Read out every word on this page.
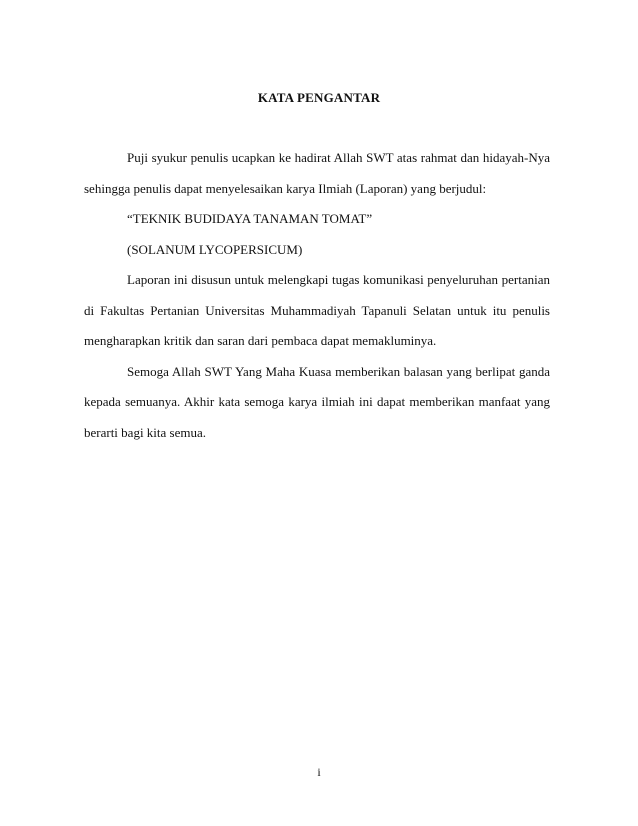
KATA PENGANTAR

Puji syukur penulis ucapkan ke hadirat Allah SWT atas rahmat dan hidayah-Nya sehingga penulis dapat menyelesaikan karya Ilmiah (Laporan) yang berjudul:

“TEKNIK BUDIDAYA TANAMAN TOMAT”

(SOLANUM LYCOPERSICUM)

Laporan ini disusun untuk melengkapi tugas komunikasi penyeluruhan pertanian di Fakultas Pertanian Universitas Muhammadiyah Tapanuli Selatan untuk itu penulis mengharapkan kritik dan saran dari pembaca dapat memakluminya.

Semoga Allah SWT Yang Maha Kuasa memberikan balasan yang berlipat ganda kepada semuanya. Akhir kata semoga karya ilmiah ini dapat memberikan manfaat yang berarti bagi kita semua.

i
